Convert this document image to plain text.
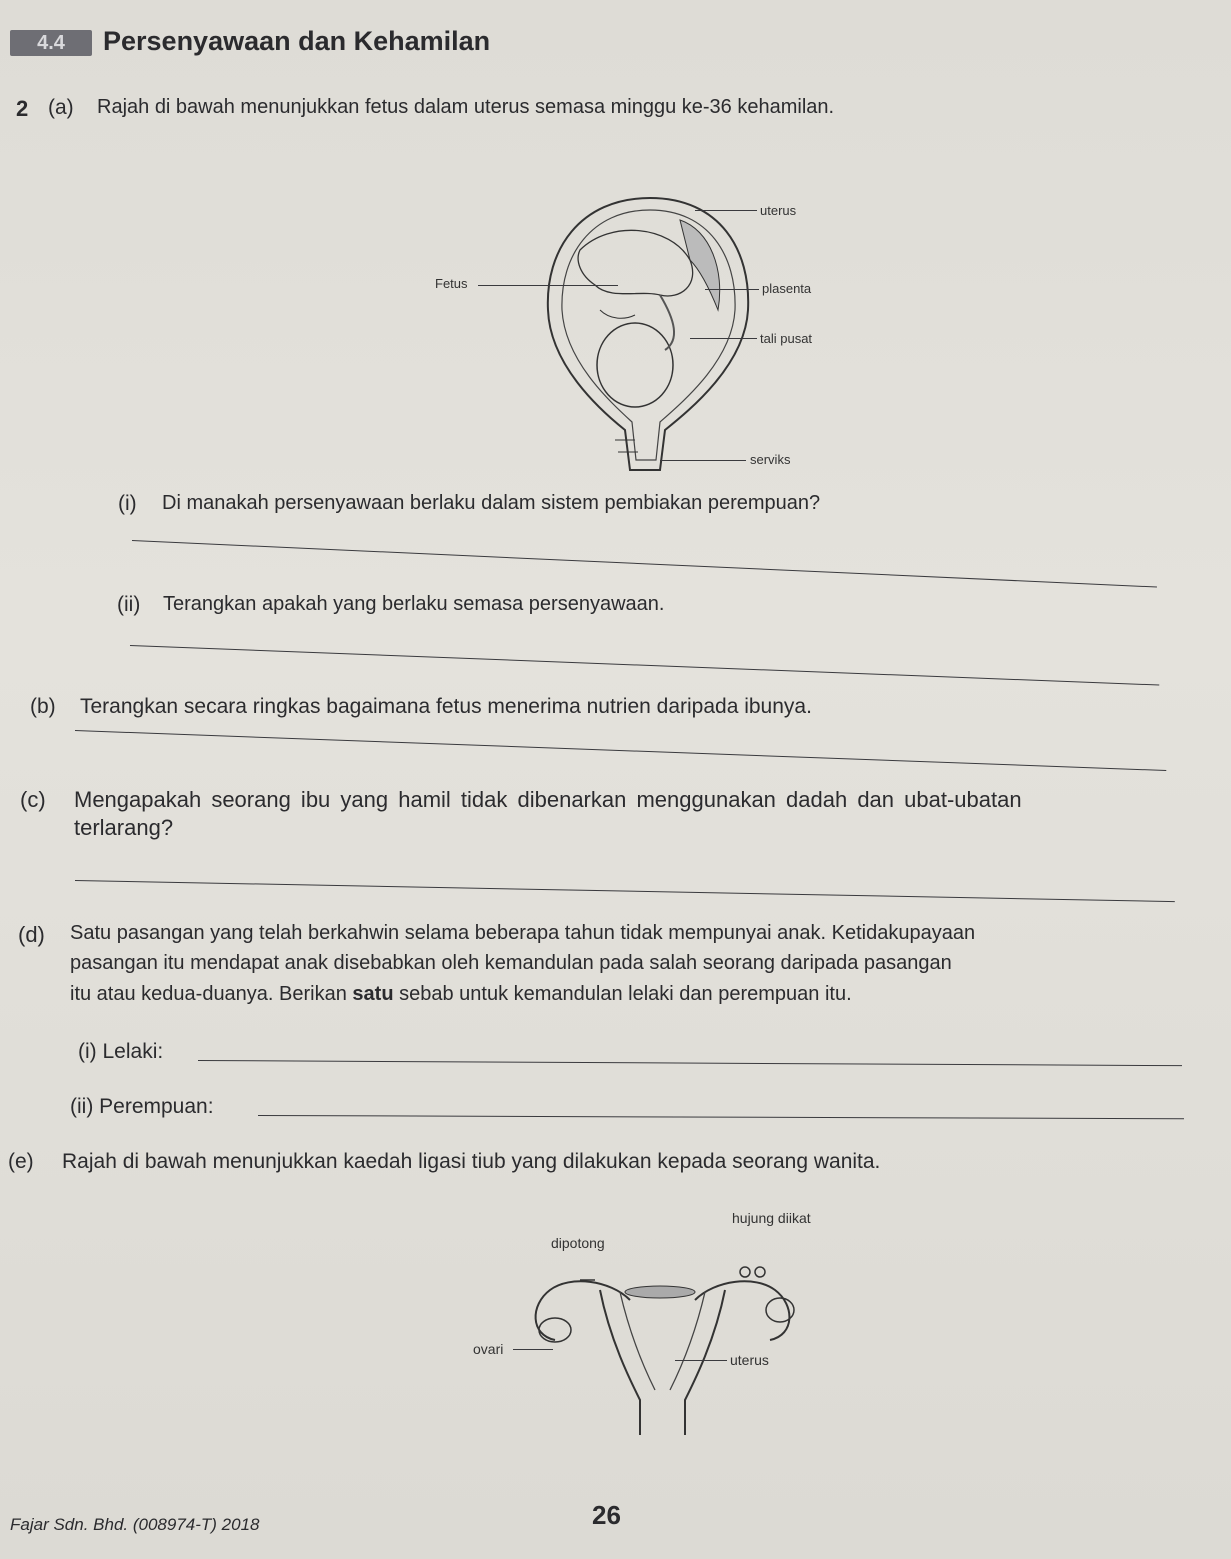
4.4	Persenyawaan dan Kehamilan
2 (a) Rajah di bawah menunjukkan fetus dalam uterus semasa minggu ke-36 kehamilan.
uterus
Fetus	plasenta
tali pusat
serviks
(i) Di manakah persenyawaan berlaku dalam sistem pembiakan perempuan?
(ii) Terangkan apakah yang berlaku semasa persenyawaan.
(b) Terangkan secara ringkas bagaimana fetus menerima nutrien daripada ibunya.
(c) Mengapakah seorang ibu yang hamil tidak dibenarkan menggunakan dadah dan ubat-ubatan
terlarang?
(d) Satu pasangan yang telah berkahwin selama beberapa tahun tidak mempunyai anak. Ketidakupayaan
pasangan itu mendapat anak disebabkan oleh kemandulan pada salah seorang daripada pasangan
itu atau kedua-duanya. Berikan satu sebab untuk kemandulan lelaki dan perempuan itu.
(i) Lelaki:
(ii) Perempuan:
(e) Rajah di bawah menunjukkan kaedah ligasi tiub yang dilakukan kepada seorang wanita.
hujung diikat
dipotong
ovari
uterus
Fajar Sdn. Bhd. (008974-T) 2018	26
